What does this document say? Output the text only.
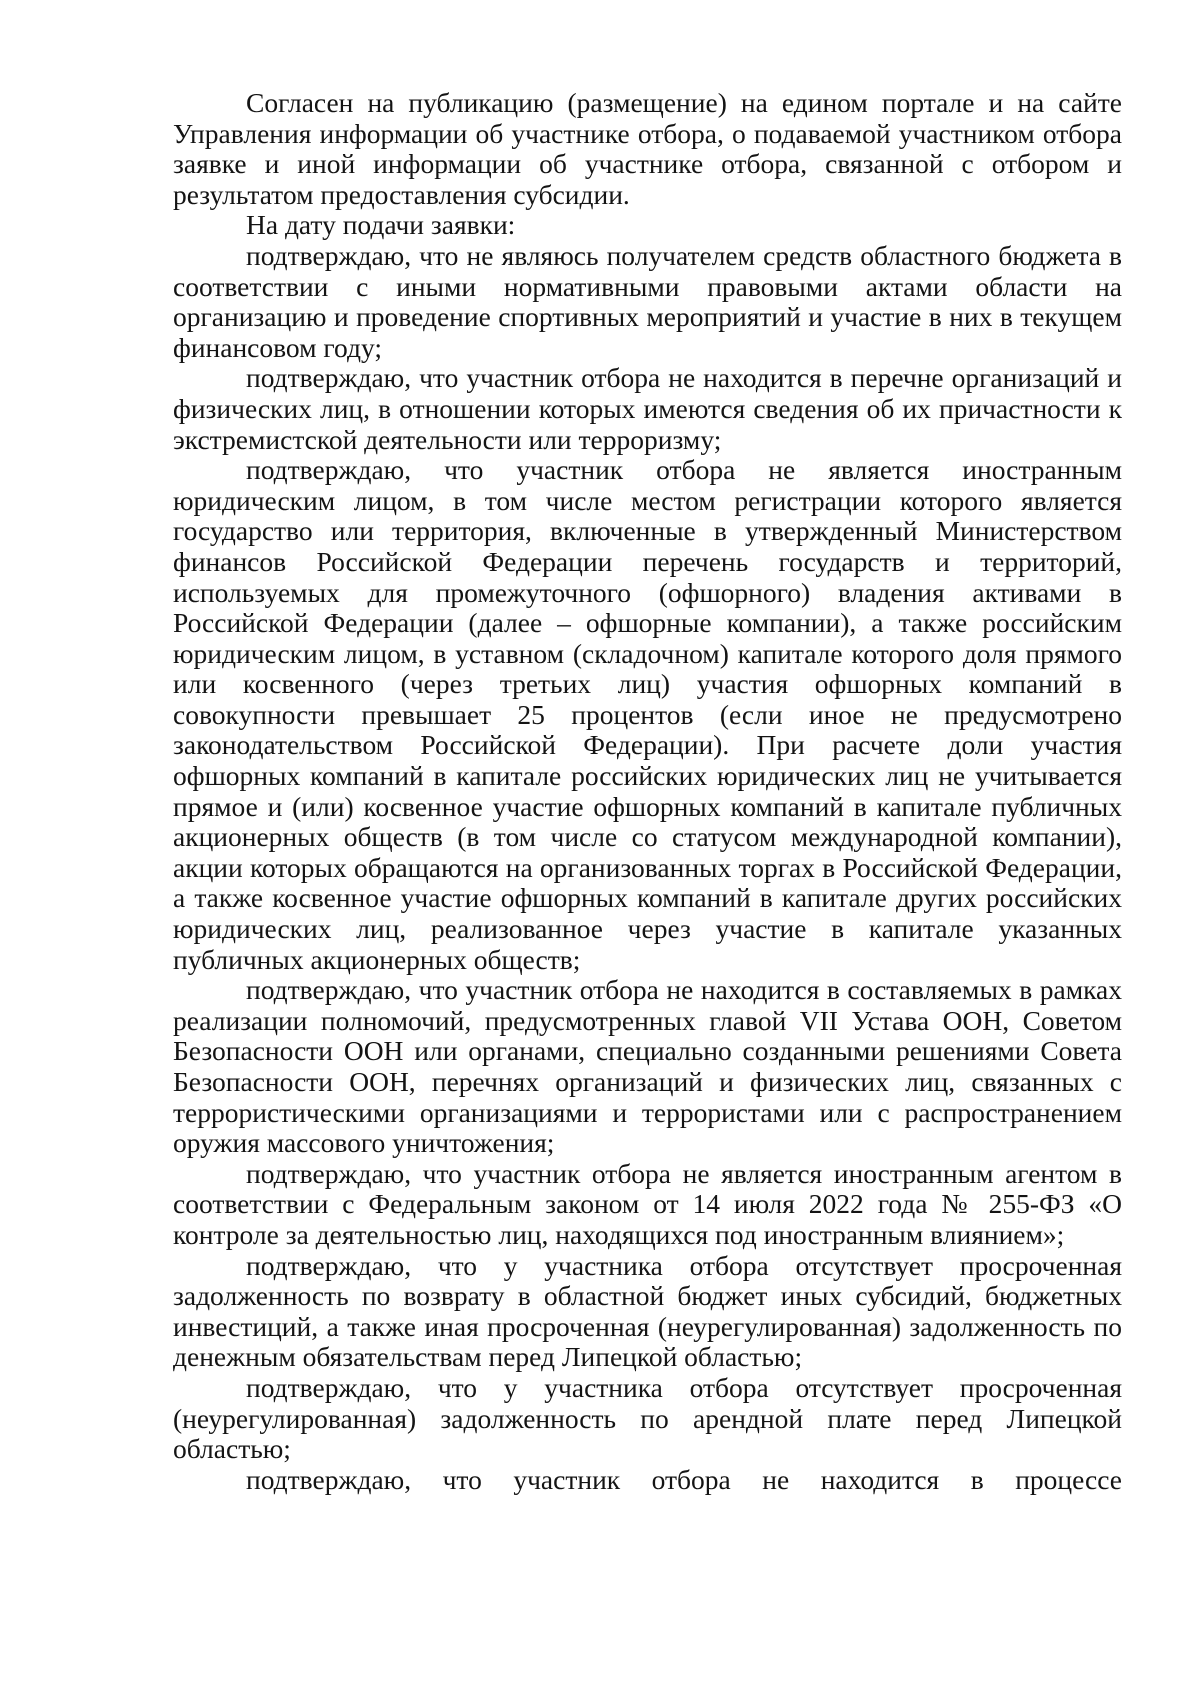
Согласен на публикацию (размещение) на едином портале и на сайте Управления информации об участнике отбора, о подаваемой участником отбора заявке и иной информации об участнике отбора, связанной с отбором и результатом предоставления субсидии.

На дату подачи заявки:

подтверждаю, что не являюсь получателем средств областного бюджета в соответствии с иными нормативными правовыми актами области на организацию и проведение спортивных мероприятий и участие в них в текущем финансовом году;

подтверждаю, что участник отбора не находится в перечне организаций и физических лиц, в отношении которых имеются сведения об их причастности к экстремистской деятельности или терроризму;

подтверждаю, что участник отбора не является иностранным юридическим лицом, в том числе местом регистрации которого является государство или территория, включенные в утвержденный Министерством финансов Российской Федерации перечень государств и территорий, используемых для промежуточного (офшорного) владения активами в Российской Федерации (далее – офшорные компании), а также российским юридическим лицом, в уставном (складочном) капитале которого доля прямого или косвенного (через третьих лиц) участия офшорных компаний в совокупности превышает 25 процентов (если иное не предусмотрено законодательством Российской Федерации). При расчете доли участия офшорных компаний в капитале российских юридических лиц не учитывается прямое и (или) косвенное участие офшорных компаний в капитале публичных акционерных обществ (в том числе со статусом международной компании), акции которых обращаются на организованных торгах в Российской Федерации, а также косвенное участие офшорных компаний в капитале других российских юридических лиц, реализованное через участие в капитале указанных публичных акционерных обществ;

подтверждаю, что участник отбора не находится в составляемых в рамках реализации полномочий, предусмотренных главой VII Устава ООН, Советом Безопасности ООН или органами, специально созданными решениями Совета Безопасности ООН, перечнях организаций и физических лиц, связанных с террористическими организациями и террористами или с распространением оружия массового уничтожения;

подтверждаю, что участник отбора не является иностранным агентом в соответствии с Федеральным законом от 14 июля 2022 года № 255-ФЗ «О контроле за деятельностью лиц, находящихся под иностранным влиянием»;

подтверждаю, что у участника отбора отсутствует просроченная задолженность по возврату в областной бюджет иных субсидий, бюджетных инвестиций, а также иная просроченная (неурегулированная) задолженность по денежным обязательствам перед Липецкой областью;

подтверждаю, что у участника отбора отсутствует просроченная (неурегулированная) задолженность по арендной плате перед Липецкой областью;

подтверждаю, что участник отбора не находится в процессе
